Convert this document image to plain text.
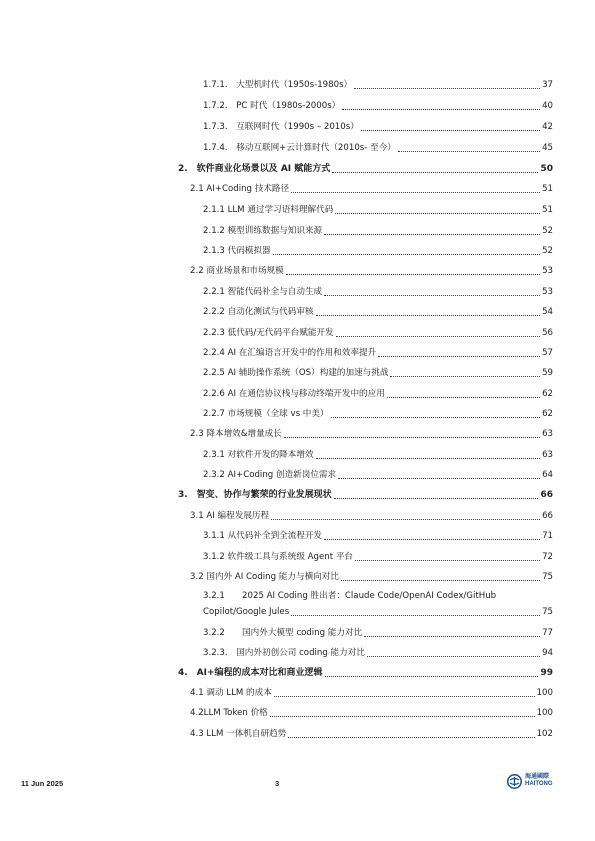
1.7.1.　大型机时代（1950s-1980s）	37
1.7.2.　PC 时代（1980s-2000s）	40
1.7.3.　互联网时代（1990s – 2010s）	42
1.7.4.　移动互联网+云计算时代（2010s- 至今）	45
2.　软件商业化场景以及 AI 赋能方式	50
2.1 AI+Coding 技术路径	51
2.1.1 LLM 通过学习语料理解代码	51
2.1.2 模型训练数据与知识来源	52
2.1.3 代码模拟器	52
2.2 商业场景和市场规模	53
2.2.1 智能代码补全与自动生成	53
2.2.2 自动化测试与代码审核	54
2.2.3 低代码/无代码平台赋能开发	56
2.2.4 AI 在汇编语言开发中的作用和效率提升	57
2.2.5 AI 辅助操作系统（OS）构建的加速与挑战	59
2.2.6 AI 在通信协议栈与移动终端开发中的应用	62
2.2.7 市场规模（全球 vs 中美）	62
2.3 降本增效&增量成长	63
2.3.1 对软件开发的降本增效	63
2.3.2 AI+Coding 创造新岗位需求	64
3.　智变、协作与繁荣的行业发展现状	66
3.1 AI 编程发展历程	66
3.1.1 从代码补全到全流程开发	71
3.1.2 软件级工具与系统级 Agent 平台	72
3.2 国内外 AI Coding 能力与横向对比	75
3.2.1　　2025 AI Coding 胜出者：Claude Code/OpenAI Codex/GitHub
Copilot/Google Jules	75
3.2.2　　国内外大模型 coding 能力对比	77
3.2.3.　国内外初创公司 coding 能力对比	94
4.　AI+编程的成本对比和商业逻辑	99
4.1 调动 LLM 的成本	100
4.2LLM Token 价格	100
4.3 LLM 一体机自研趋势	102
11 Jun 2025	3
海通國際
HAITONG
